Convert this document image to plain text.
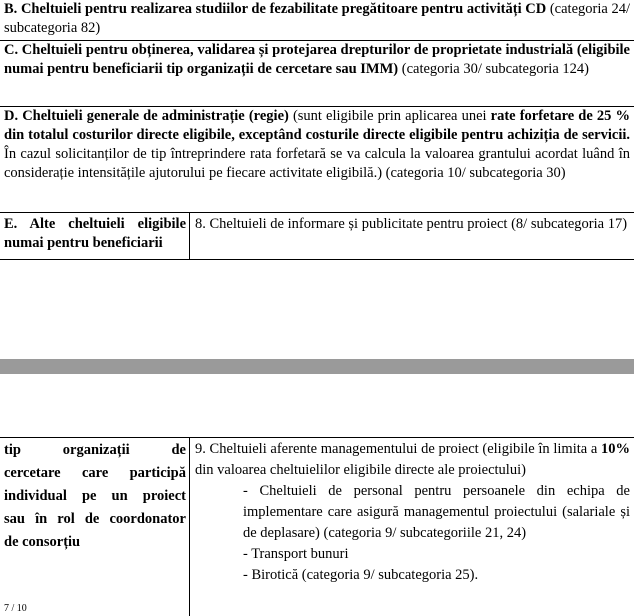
B. Cheltuieli pentru realizarea studiilor de fezabilitate pregătitoare pentru activități CD (categoria 24/ subcategoria 82)
C. Cheltuieli pentru obținerea, validarea și protejarea drepturilor de proprietate industrială (eligibile numai pentru beneficiarii tip organizații de cercetare sau IMM) (categoria 30/ subcategoria 124)
D. Cheltuieli generale de administrație (regie) (sunt eligibile prin aplicarea unei rate forfetare de 25 % din totalul costurilor directe eligibile, exceptând costurile directe eligibile pentru achiziția de servicii. În cazul solicitanților de tip întreprindere rata forfetară se va calcula la valoarea grantului acordat luând în considerație intensitățile ajutorului pe fiecare activitate eligibilă.) (categoria 10/ subcategoria 30)
E. Alte cheltuieli eligibile numai pentru beneficiarii
8. Cheltuieli de informare și publicitate pentru proiect (8/ subcategoria 17)
tip organizații de
cercetare care participă
individual pe un proiect
sau în rol de coordonator
de consorțiu
9. Cheltuieli aferente managementului de proiect (eligibile în limita a 10% din valoarea cheltuielilor eligibile directe ale proiectului)
- Cheltuieli de personal pentru persoanele din echipa de implementare care asigură managementul proiectului (salariale și de deplasare) (categoria 9/ subcategoriile 21, 24)
- Transport bunuri
- Birotică (categoria 9/ subcategoria 25).
7 / 10
